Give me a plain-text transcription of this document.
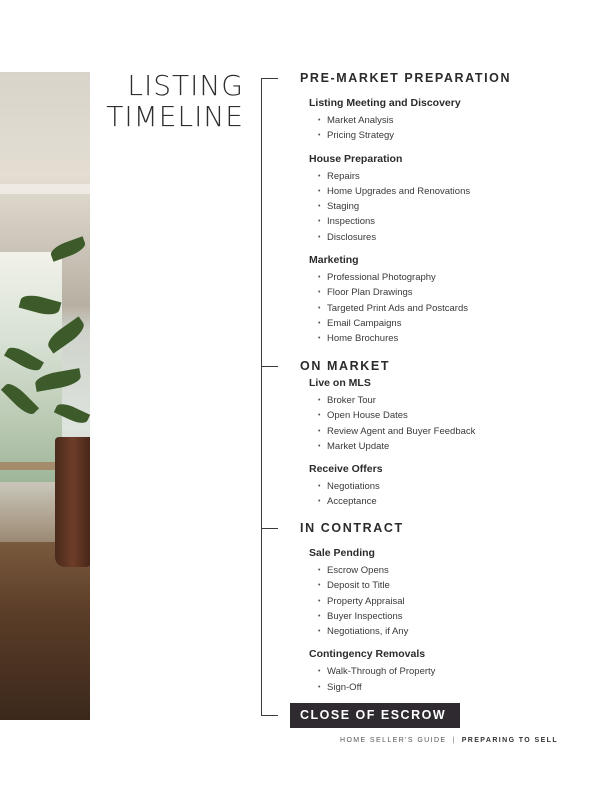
LISTING
TIMELINE

PRE-MARKET PREPARATION

Listing Meeting and Discovery

• Market Analysis
• Pricing Strategy

House Preparation

• Repairs
• Home Upgrades and Renovations
• Staging
• Inspections
• Disclosures

Marketing

• Professional Photography
• Floor Plan Drawings
• Targeted Print Ads and Postcards
• Email Campaigns
• Home Brochures

ON MARKET

Live on MLS

• Broker Tour
• Open House Dates
• Review Agent and Buyer Feedback
• Market Update

Receive Offers

• Negotiations
• Acceptance

IN CONTRACT

Sale Pending

• Escrow Opens
• Deposit to Title
• Property Appraisal
• Buyer Inspections
• Negotiations, if Any

Contingency Removals

• Walk-Through of Property
• Sign-Off
CLOSE OF ESCROW
HOME SELLER'S GUIDE | PREPARING TO SELL
